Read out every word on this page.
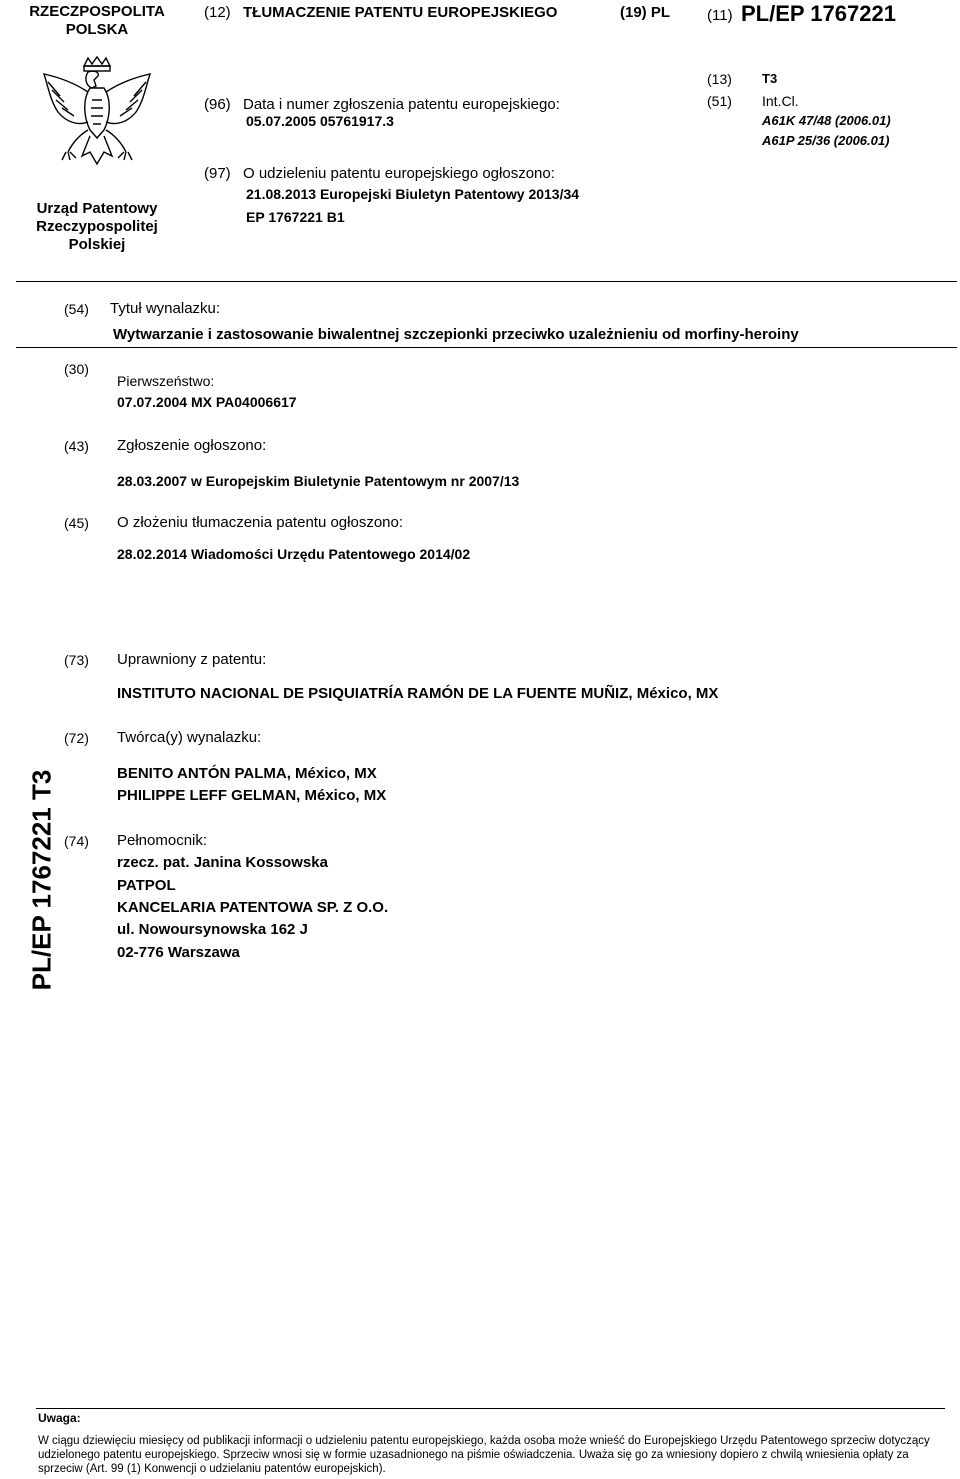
RZECZPOSPOLITA
POLSKA
(12) TŁUMACZENIE PATENTU EUROPEJSKIEGO	(19) PL (11) PL/EP 1767221
Urząd Patentowy
Rzeczypospolitej
Polskiej
(96) Data i numer zgłoszenia patentu europejskiego:
05.07.2005 05761917.3
(97) O udzieleniu patentu europejskiego ogłoszono:
21.08.2013 Europejski Biuletyn Patentowy 2013/34
EP 1767221 B1
(13) T3
(51) Int.Cl.
A61K 47/48 (2006.01)
A61P 25/36 (2006.01)
(54) Tytuł wynalazku:
Wytwarzanie i zastosowanie biwalentnej szczepionki przeciwko uzależnieniu od morfiny-heroiny
(30)
Pierwszeństwo:
07.07.2004 MX PA04006617
(43) Zgłoszenie ogłoszono:
28.03.2007 w Europejskim Biuletynie Patentowym nr 2007/13
(45) O złożeniu tłumaczenia patentu ogłoszono:
28.02.2014 Wiadomości Urzędu Patentowego 2014/02
(73) Uprawniony z patentu:
INSTITUTO NACIONAL DE PSIQUIATRÍA RAMÓN DE LA FUENTE MUÑIZ, México, MX
(72) Twórca(y) wynalazku:
BENITO ANTÓN PALMA, México, MX
PHILIPPE LEFF GELMAN, México, MX
(74) Pełnomocnik:
rzecz. pat. Janina Kossowska
PATPOL
KANCELARIA PATENTOWA SP. Z O.O.
ul. Nowoursynowska 162 J
02-776 Warszawa
PL/EP 1767221 T3
Uwaga:
W ciągu dziewięciu miesięcy od publikacji informacji o udzieleniu patentu europejskiego, każda osoba może wnieść do Europejskiego Urzędu Patentowego sprzeciw dotyczący udzielonego patentu europejskiego. Sprzeciw wnosi się w formie uzasadnionego na piśmie oświadczenia. Uważa się go za wniesiony dopiero z chwilą wniesienia opłaty za sprzeciw (Art. 99 (1) Konwencji o udzielaniu patentów europejskich).
